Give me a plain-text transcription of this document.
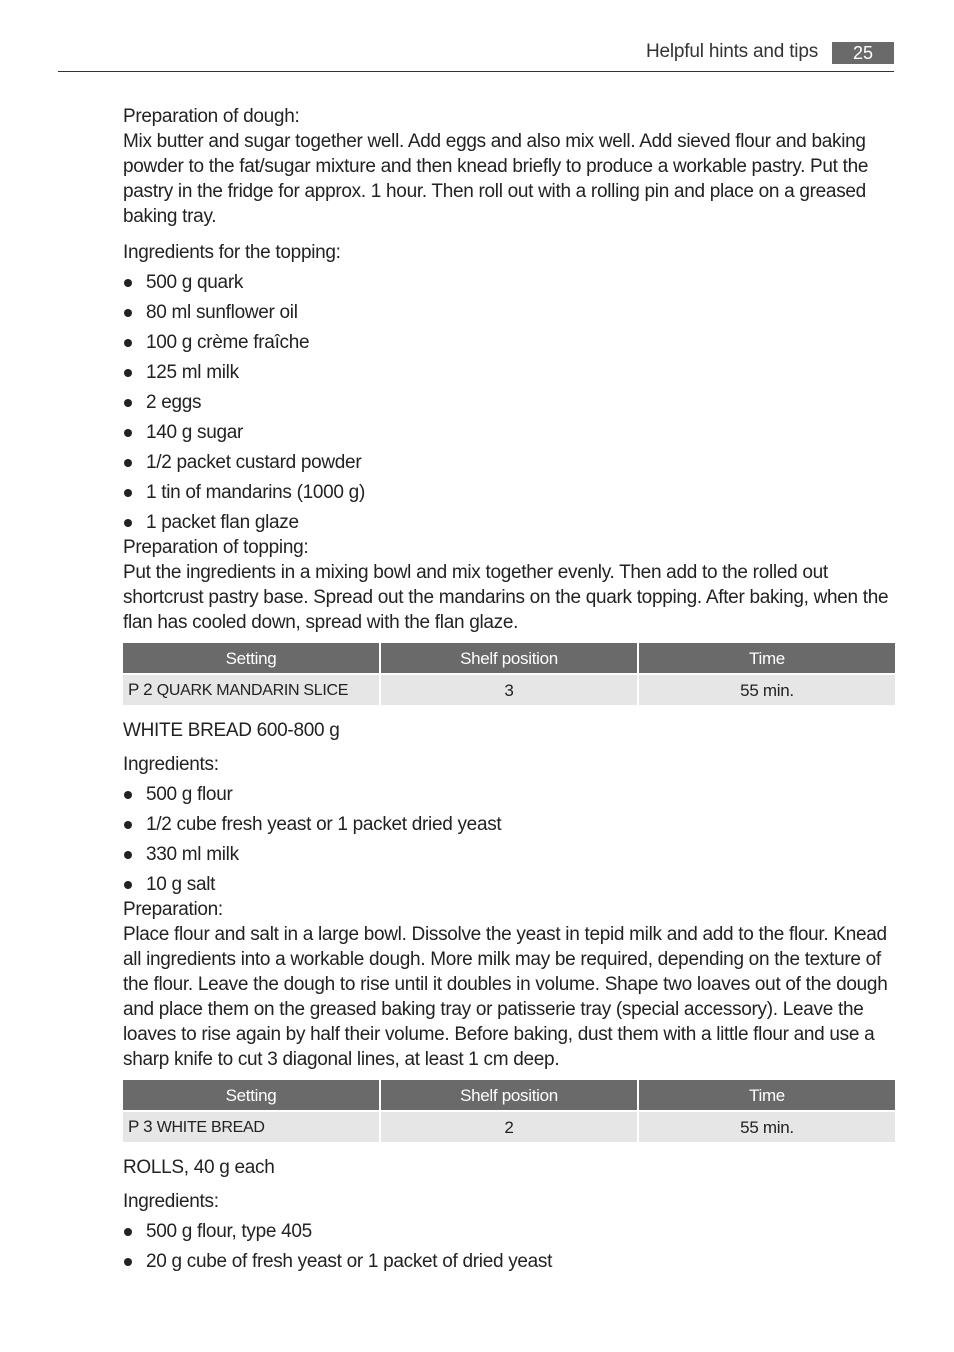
Helpful hints and tips	25
Preparation of dough:
Mix butter and sugar together well. Add eggs and also mix well. Add sieved flour and baking powder to the fat/sugar mixture and then knead briefly to produce a workable pastry. Put the pastry in the fridge for approx. 1 hour. Then roll out with a rolling pin and place on a greased baking tray.
Ingredients for the topping:
500 g quark
80 ml sunflower oil
100 g crème fraîche
125 ml milk
2 eggs
140 g sugar
1/2 packet custard powder
1 tin of mandarins (1000 g)
1 packet flan glaze
Preparation of topping:
Put the ingredients in a mixing bowl and mix together evenly. Then add to the rolled out shortcrust pastry base. Spread out the mandarins on the quark topping. After baking, when the flan has cooled down, spread with the flan glaze.
Setting	Shelf position	Time
P 2 QUARK MANDARIN SLICE	3	55 min.
WHITE BREAD 600-800 g
Ingredients:
500 g flour
1/2 cube fresh yeast or 1 packet dried yeast
330 ml milk
10 g salt
Preparation:
Place flour and salt in a large bowl. Dissolve the yeast in tepid milk and add to the flour. Knead all ingredients into a workable dough. More milk may be required, depending on the texture of the flour. Leave the dough to rise until it doubles in volume. Shape two loaves out of the dough and place them on the greased baking tray or patisserie tray (special accessory). Leave the loaves to rise again by half their volume. Before baking, dust them with a little flour and use a sharp knife to cut 3 diagonal lines, at least 1 cm deep.
Setting	Shelf position	Time
P 3 WHITE BREAD	2	55 min.
ROLLS, 40 g each
Ingredients:
500 g flour, type 405
20 g cube of fresh yeast or 1 packet of dried yeast
